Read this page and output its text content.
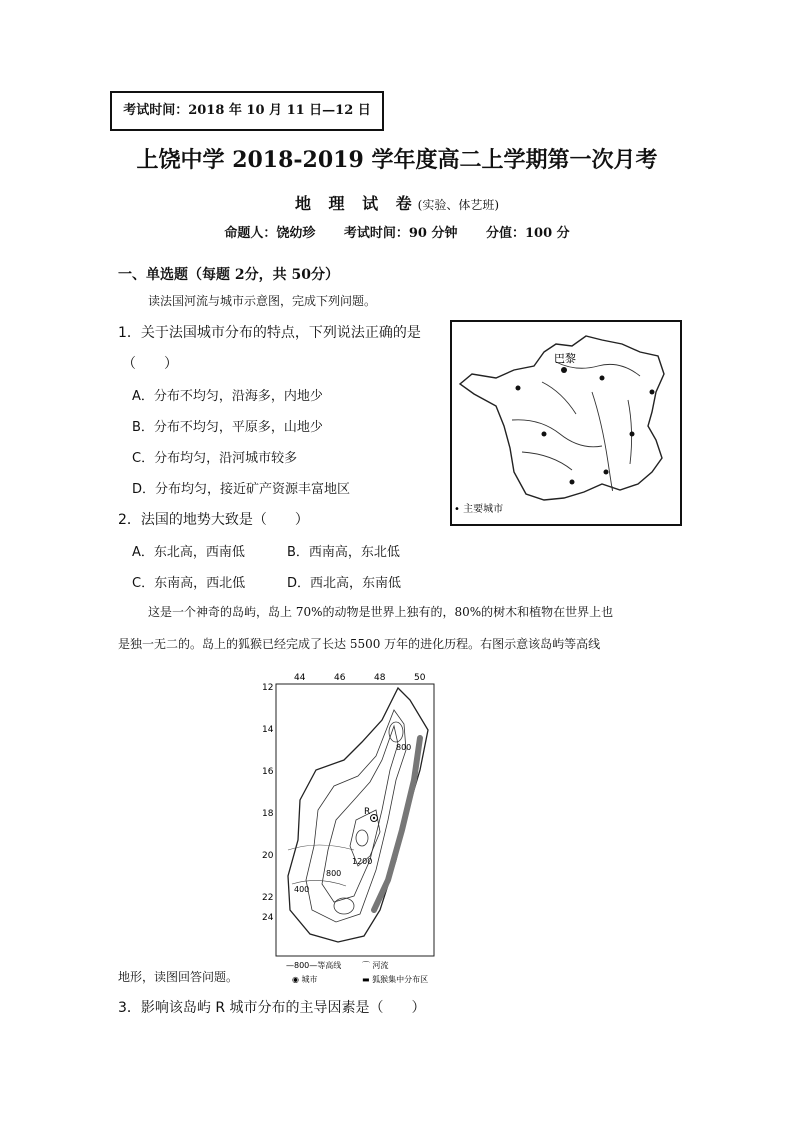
考试时间：2018 年 10 月 11 日—12 日
上饶中学 2018-2019 学年度高二上学期第一次月考
地 理 试 卷(实验、体艺班)
命题人：饶幼珍 考试时间：90 分钟 分值：100 分
一、单选题（每题 2分，共 50分）
读法国河流与城市示意图，完成下列问题。
1．关于法国城市分布的特点，下列说法正确的是
（　　）
A．分布不均匀，沿海多，内地少
B．分布不均匀，平原多，山地少
C．分布均匀，沿河城市较多
D．分布均匀，接近矿产资源丰富地区
2．法国的地势大致是（　　）
A．东北高，西南低	B．西南高，东北低
C．东南高，西北低	D．西北高，东南低
这是一个神奇的岛屿，岛上 70%的动物是世界上独有的，80%的树木和植物在世界上也
是独一无二的。岛上的狐猴已经完成了长达 5500 万年的进化历程。右图示意该岛屿等高线
地形，读图回答问题。
3．影响该岛屿 R 城市分布的主导因素是（　　）
巴黎
• 主要城市
44	46	48	50
12
14
16
18
20
22
24
R
400
800
1200
800
—800—等高线	⌒ 河流
◉ 城市	▬ 狐猴集中分布区
